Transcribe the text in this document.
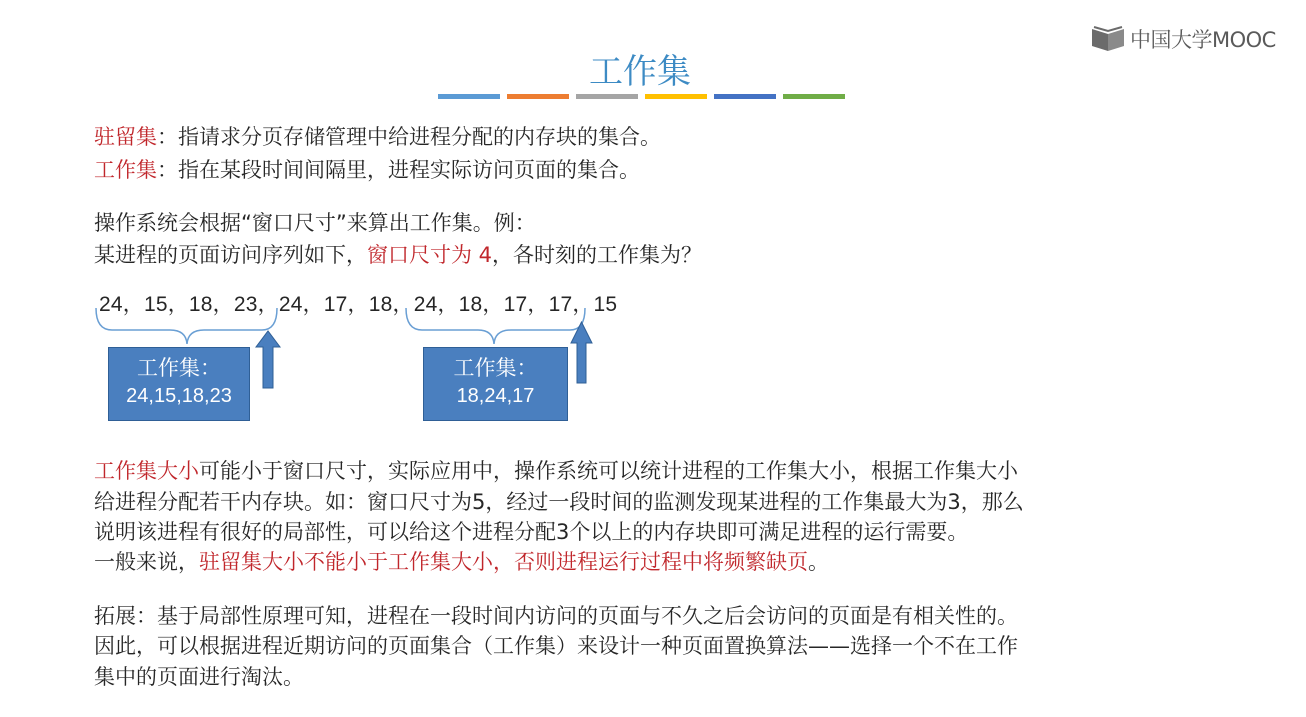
中国大学MOOC
工作集
驻留集：指请求分页存储管理中给进程分配的内存块的集合。
工作集：指在某段时间间隔里，进程实际访问页面的集合。
操作系统会根据“窗口尺寸”来算出工作集。例：
某进程的页面访问序列如下，窗口尺寸为 4，各时刻的工作集为？
24，15，18，23，24，17，18，24，18，17，17，15
工作集：
24,15,18,23
工作集：
18,24,17
工作集大小可能小于窗口尺寸，实际应用中，操作系统可以统计进程的工作集大小，根据工作集大小
给进程分配若干内存块。如：窗口尺寸为5，经过一段时间的监测发现某进程的工作集最大为3，那么
说明该进程有很好的局部性，可以给这个进程分配3个以上的内存块即可满足进程的运行需要。
一般来说，驻留集大小不能小于工作集大小，否则进程运行过程中将频繁缺页。
拓展：基于局部性原理可知，进程在一段时间内访问的页面与不久之后会访问的页面是有相关性的。
因此，可以根据进程近期访问的页面集合（工作集）来设计一种页面置换算法——选择一个不在工作
集中的页面进行淘汰。
